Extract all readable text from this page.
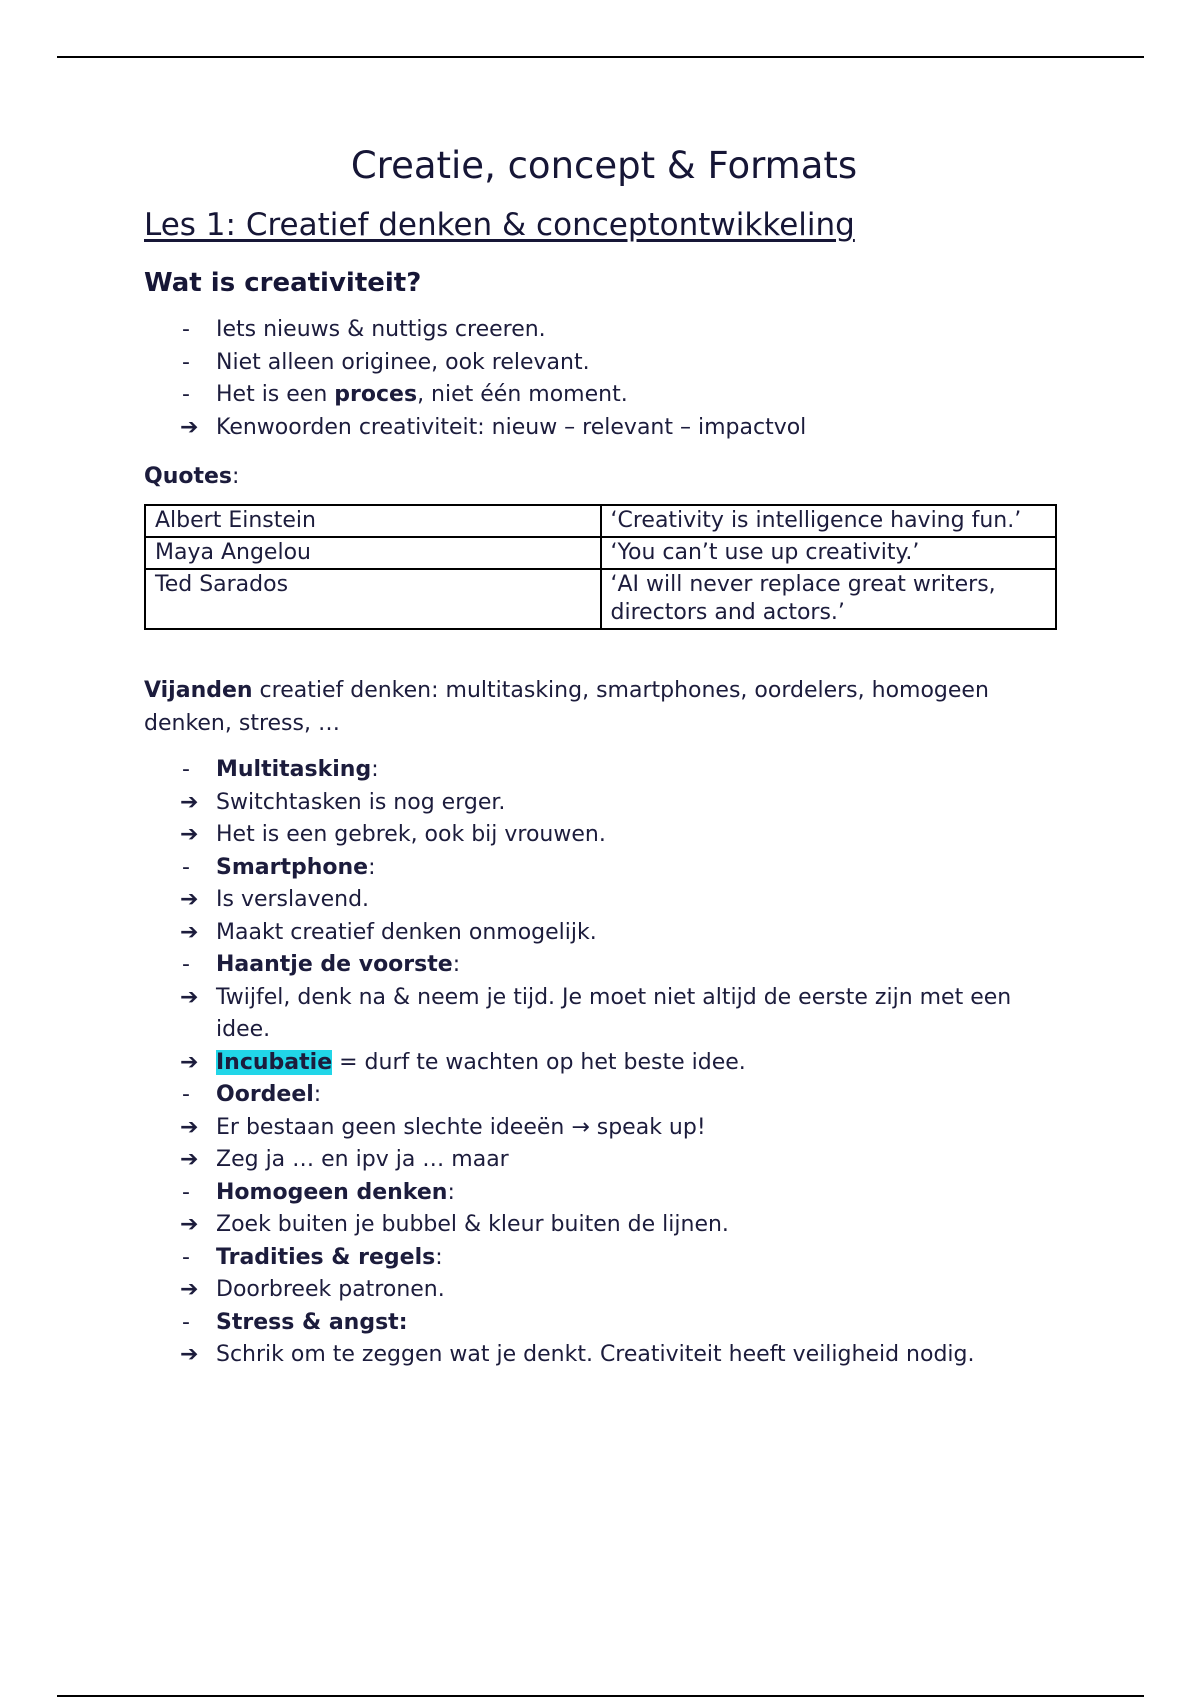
Creatie, concept & Formats
Les 1: Creatief denken & conceptontwikkeling
Wat is creativiteit?
-	Iets nieuws & nuttigs creeren.
-	Niet alleen originee, ook relevant.
-	Het is een proces, niet één moment.
➔ Kenwoorden creativiteit: nieuw – relevant – impactvol

Quotes:

Albert Einstein	‘Creativity is intelligence having fun.’
Maya Angelou	‘You can’t use up creativity.’
Ted Sarados	‘AI will never replace great writers, directors and actors.’

Vijanden creatief denken: multitasking, smartphones, oordelers, homogeen denken, stress, …

-	Multitasking:
➔ Switchtasken is nog erger.
➔ Het is een gebrek, ook bij vrouwen.
-	Smartphone:
➔ Is verslavend.
➔ Maakt creatief denken onmogelijk.
-	Haantje de voorste:
➔ Twijfel, denk na & neem je tijd. Je moet niet altijd de eerste zijn met een idee.
➔ Incubatie = durf te wachten op het beste idee.
-	Oordeel:
➔ Er bestaan geen slechte ideeën → speak up!
➔ Zeg ja … en ipv ja … maar
-	Homogeen denken:
➔ Zoek buiten je bubbel & kleur buiten de lijnen.
-	Tradities & regels:
➔ Doorbreek patronen.
-	Stress & angst:
➔ Schrik om te zeggen wat je denkt. Creativiteit heeft veiligheid nodig.
